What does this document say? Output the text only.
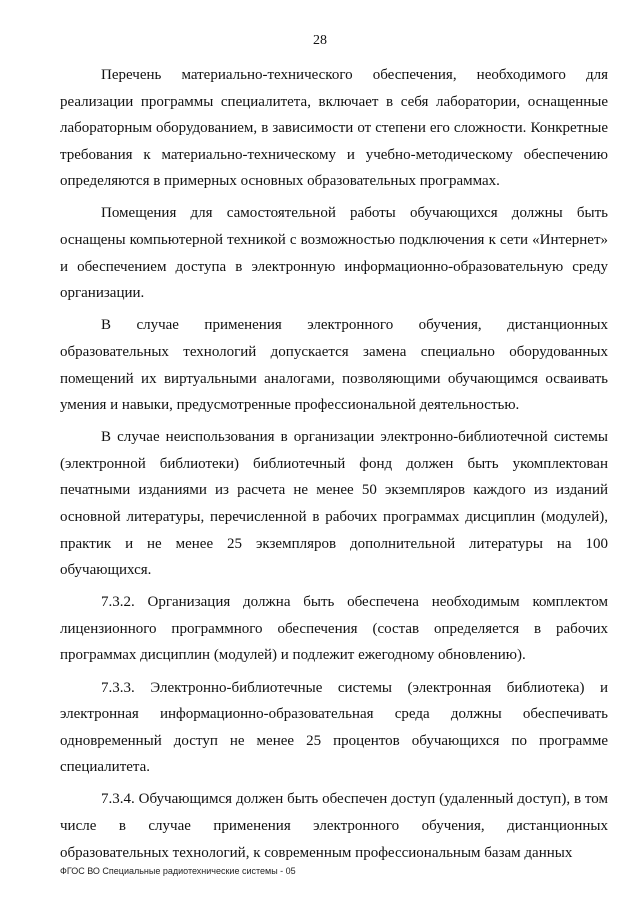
28

Перечень материально-технического обеспечения, необходимого для реализации программы специалитета, включает в себя лаборатории, оснащенные лабораторным оборудованием, в зависимости от степени его сложности. Конкретные требования к материально-техническому и учебно-методическому обеспечению определяются в примерных основных образовательных программах.

Помещения для самостоятельной работы обучающихся должны быть оснащены компьютерной техникой с возможностью подключения к сети «Интернет» и обеспечением доступа в электронную информационно-образовательную среду организации.

В случае применения электронного обучения, дистанционных образовательных технологий допускается замена специально оборудованных помещений их виртуальными аналогами, позволяющими обучающимся осваивать умения и навыки, предусмотренные профессиональной деятельностью.

В случае неиспользования в организации электронно-библиотечной системы (электронной библиотеки) библиотечный фонд должен быть укомплектован печатными изданиями из расчета не менее 50 экземпляров каждого из изданий основной литературы, перечисленной в рабочих программах дисциплин (модулей), практик и не менее 25 экземпляров дополнительной литературы на 100 обучающихся.

7.3.2. Организация должна быть обеспечена необходимым комплектом лицензионного программного обеспечения (состав определяется в рабочих программах дисциплин (модулей) и подлежит ежегодному обновлению).

7.3.3. Электронно-библиотечные системы (электронная библиотека) и электронная информационно-образовательная среда должны обеспечивать одновременный доступ не менее 25 процентов обучающихся по программе специалитета.

7.3.4. Обучающимся должен быть обеспечен доступ (удаленный доступ), в том числе в случае применения электронного обучения, дистанционных образовательных технологий, к современным профессиональным базам данных

ФГОС ВО Специальные радиотехнические системы - 05
